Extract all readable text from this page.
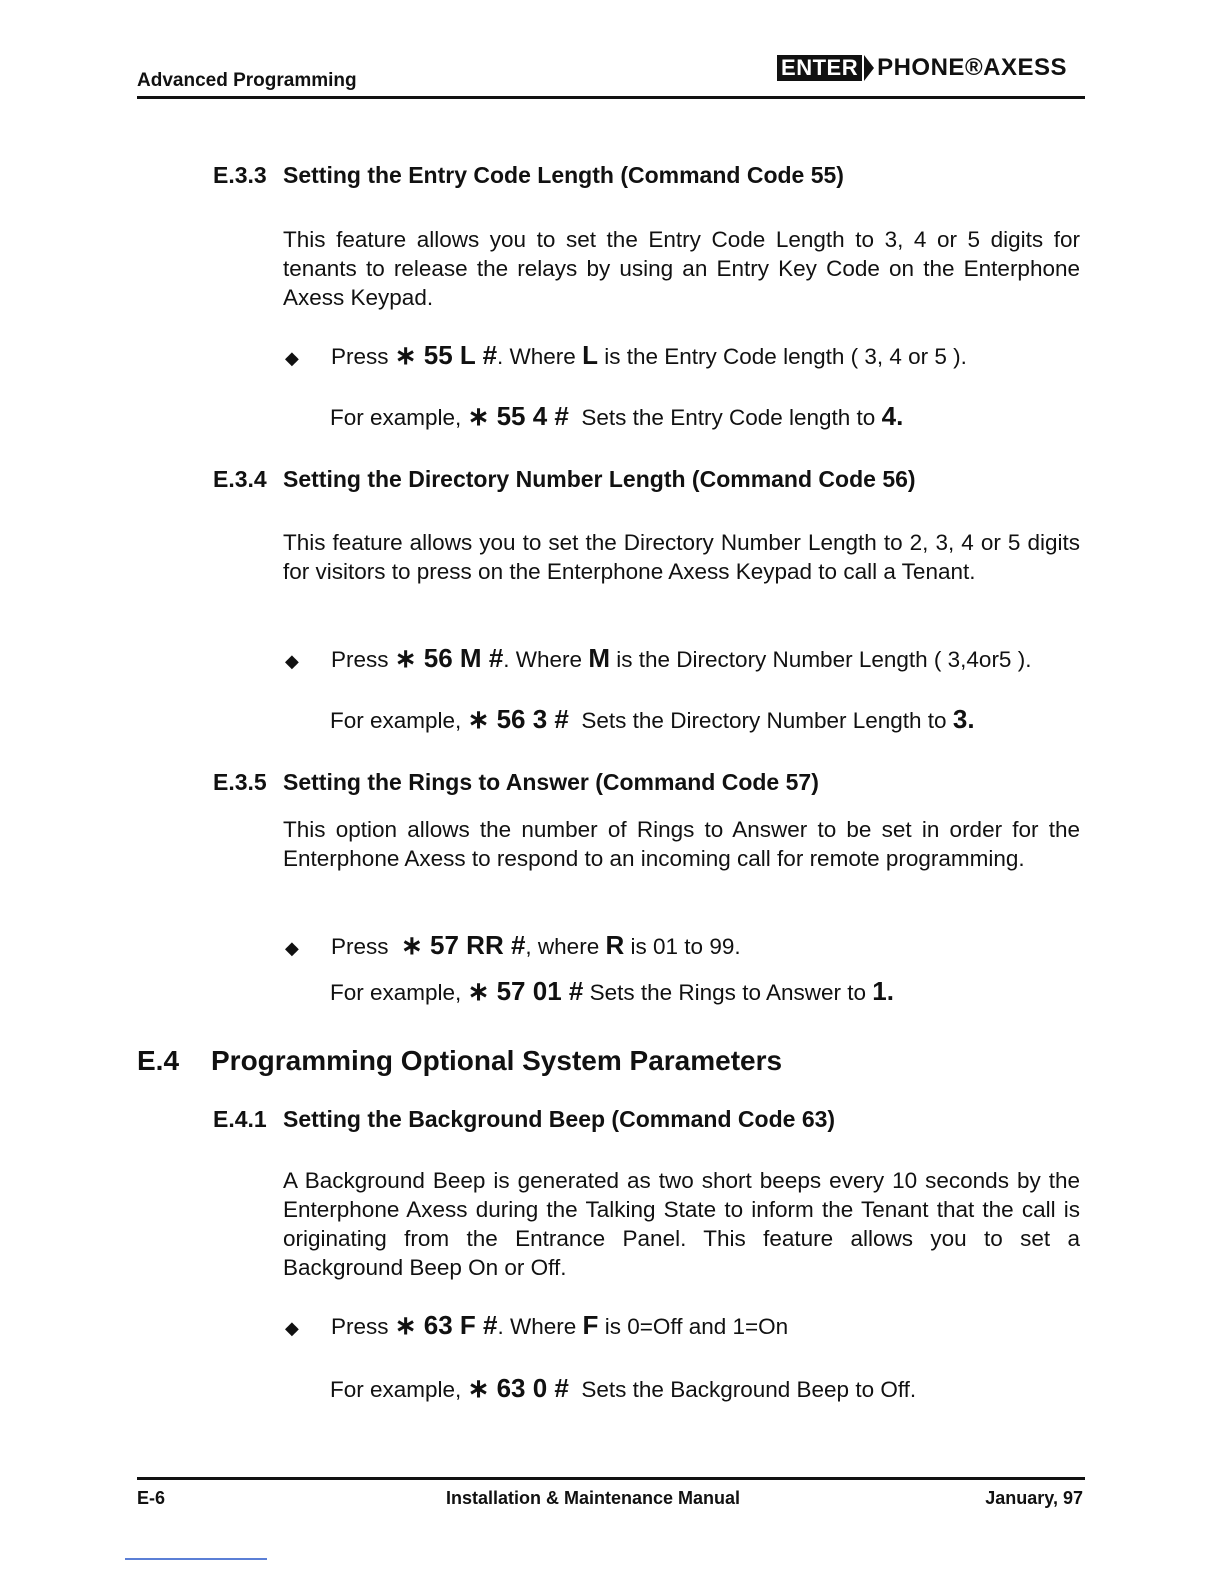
Advanced Programming
ENTER PHONE®AXESS
E.3.3 Setting the Entry Code Length (Command Code 55)
This feature allows you to set the Entry Code Length to 3, 4 or 5 digits for tenants to release the relays by using an Entry Key Code on the Enterphone Axess Keypad.
◆	Press
∗ 55 L # . Where
L
is the Entry Code length ( 3, 4 or 5 ).
For example, ∗ 55 4 # Sets the Entry Code length to 4.
E.3.4 Setting the Directory Number Length (Command Code 56)
This feature allows you to set the Directory Number Length to 2, 3, 4 or 5 digits for visitors to press on the Enterphone Axess Keypad to call a Tenant.
◆	Press
∗ 56 M # . Where
M
is the Directory Number Length ( 3,4or5 ).
For example, ∗ 56 3 # Sets the Directory Number Length to 3.
E.3.5 Setting the Rings to Answer (Command Code 57)
This option allows the number of Rings to Answer to be set in order for the Enterphone Axess to respond to an incoming call for remote programming.
◆	Press
∗ 57 RR # , where
R
is 01 to 99.
For example, ∗ 57 01 # Sets the Rings to Answer to 1.
E.4 Programming Optional System Parameters
E.4.1 Setting the Background Beep (Command Code 63)
A Background Beep is generated as two short beeps every 10 seconds by the Enterphone Axess during the Talking State to inform the Tenant that the call is originating from the Entrance Panel. This feature allows you to set a Background Beep On or Off.
◆	Press
∗ 63 F # . Where
F
is 0=Off and 1=On
For example, ∗ 63 0 # Sets the Background Beep to Off.
E-6	Installation & Maintenance Manual	January, 97
